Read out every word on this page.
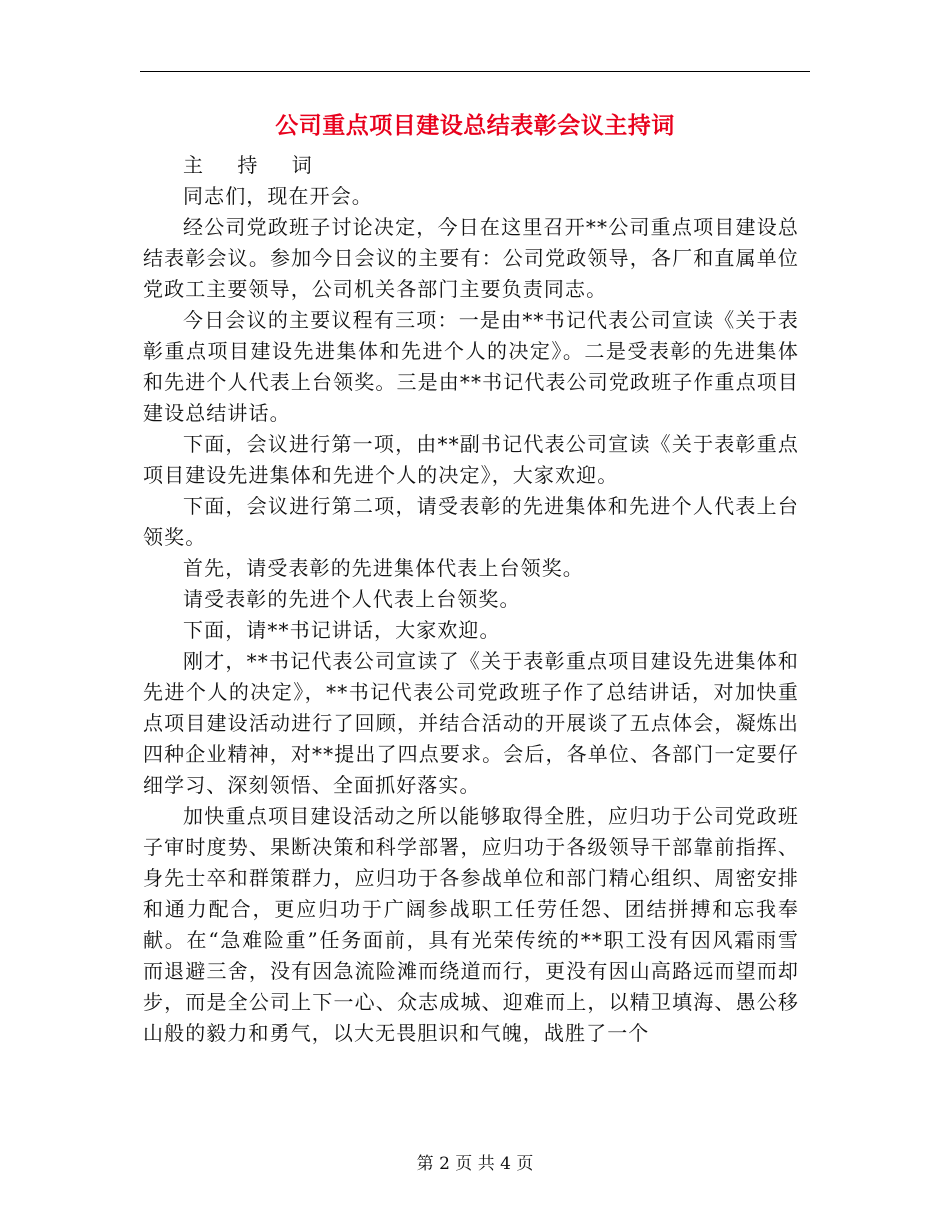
公司重点项目建设总结表彰会议主持词

主 持 词

同志们，现在开会。

经公司党政班子讨论决定，今日在这里召开**公司重点项目建设总结表彰会议。参加今日会议的主要有：公司党政领导，各厂和直属单位党政工主要领导，公司机关各部门主要负责同志。

今日会议的主要议程有三项：一是由**书记代表公司宣读《关于表彰重点项目建设先进集体和先进个人的决定》。二是受表彰的先进集体和先进个人代表上台领奖。三是由**书记代表公司党政班子作重点项目建设总结讲话。

下面，会议进行第一项，由**副书记代表公司宣读《关于表彰重点项目建设先进集体和先进个人的决定》，大家欢迎。

下面，会议进行第二项，请受表彰的先进集体和先进个人代表上台领奖。

首先，请受表彰的先进集体代表上台领奖。

请受表彰的先进个人代表上台领奖。

下面，请**书记讲话，大家欢迎。

刚才，**书记代表公司宣读了《关于表彰重点项目建设先进集体和先进个人的决定》，**书记代表公司党政班子作了总结讲话，对加快重点项目建设活动进行了回顾，并结合活动的开展谈了五点体会，凝炼出四种企业精神，对**提出了四点要求。会后，各单位、各部门一定要仔细学习、深刻领悟、全面抓好落实。

加快重点项目建设活动之所以能够取得全胜，应归功于公司党政班子审时度势、果断决策和科学部署，应归功于各级领导干部靠前指挥、身先士卒和群策群力，应归功于各参战单位和部门精心组织、周密安排和通力配合，更应归功于广阔参战职工任劳任怨、团结拼搏和忘我奉献。在“急难险重”任务面前，具有光荣传统的**职工没有因风霜雨雪而退避三舍，没有因急流险滩而绕道而行，更没有因山高路远而望而却步，而是全公司上下一心、众志成城、迎难而上，以精卫填海、愚公移山般的毅力和勇气，以大无畏胆识和气魄，战胜了一个

第 2 页 共 4 页
